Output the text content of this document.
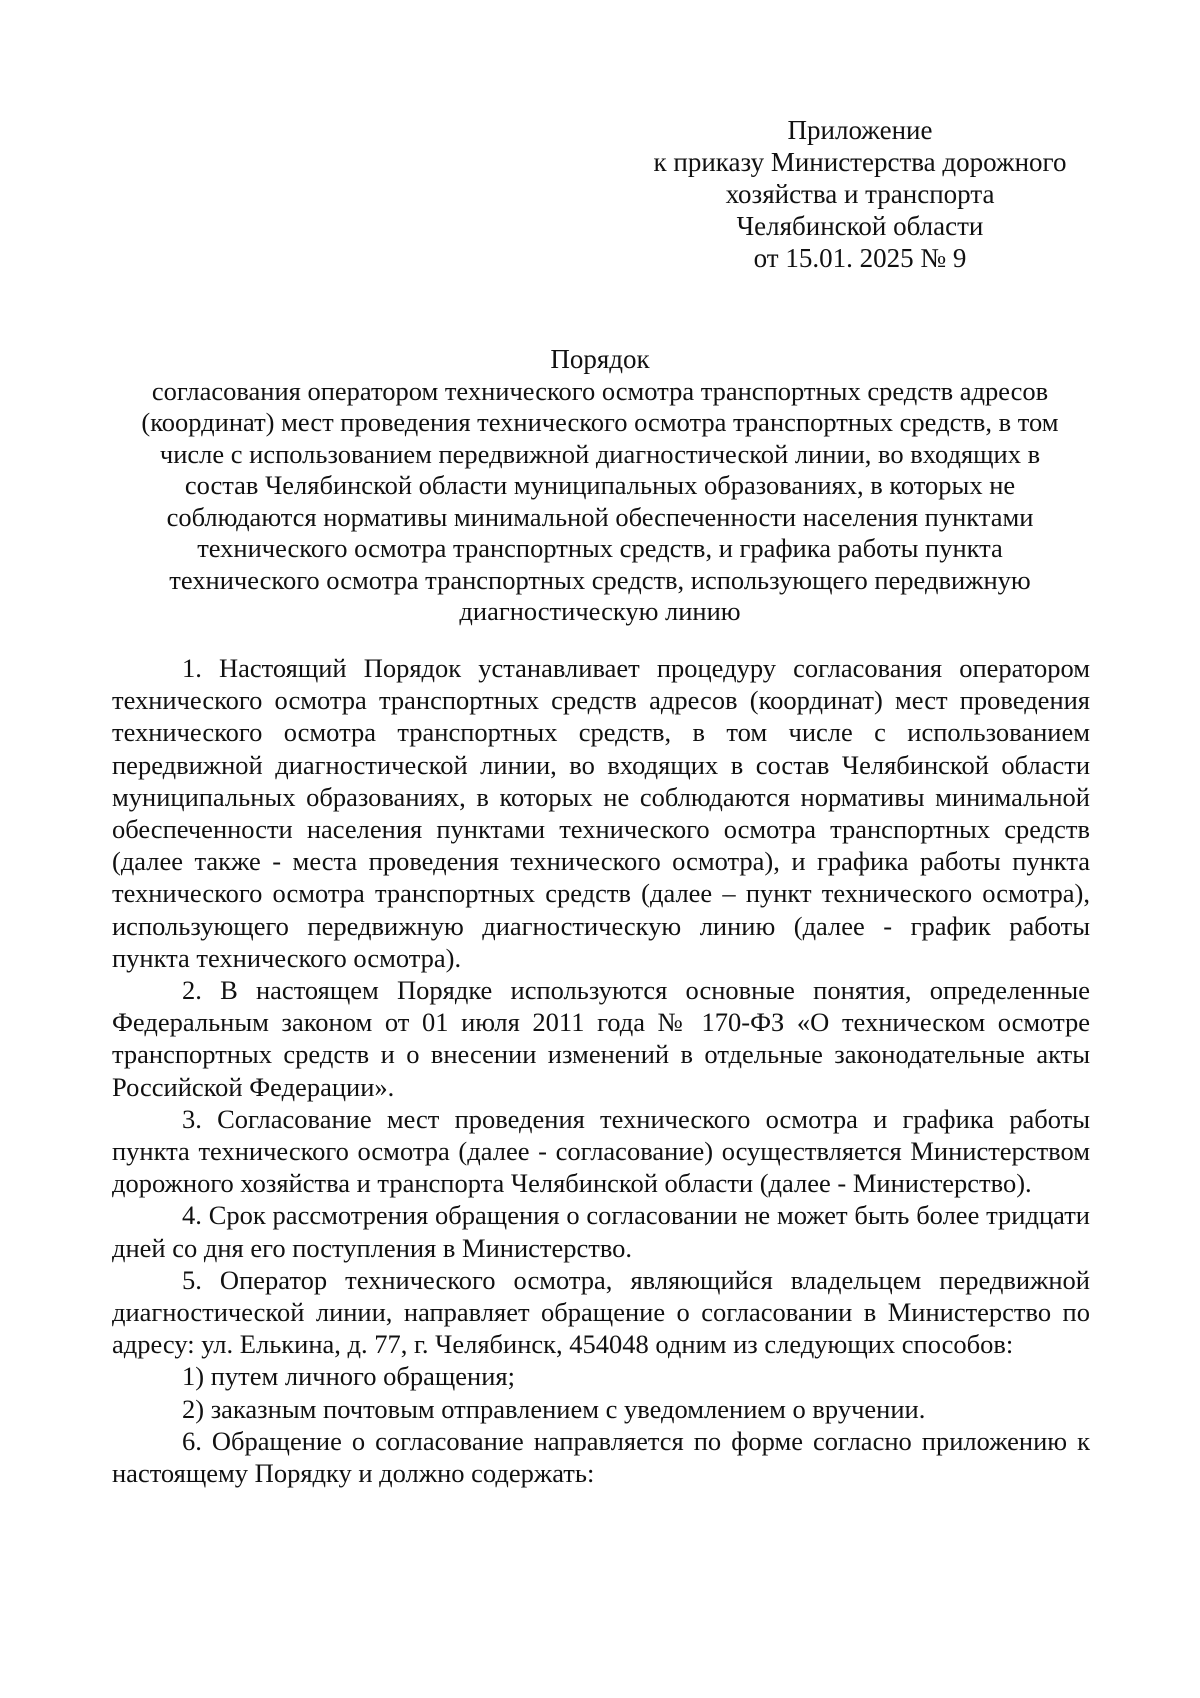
Приложение
к приказу Министерства дорожного
хозяйства и транспорта
Челябинской области
от 15.01. 2025 № 9
Порядок
согласования оператором технического осмотра транспортных средств адресов
(координат) мест проведения технического осмотра транспортных средств, в том
числе с использованием передвижной диагностической линии, во входящих в
состав Челябинской области муниципальных образованиях, в которых не
соблюдаются нормативы минимальной обеспеченности населения пунктами
технического осмотра транспортных средств, и графика работы пункта
технического осмотра транспортных средств, использующего передвижную
диагностическую линию

1. Настоящий Порядок устанавливает процедуру согласования оператором технического осмотра транспортных средств адресов (координат) мест проведения технического осмотра транспортных средств, в том числе с использованием передвижной диагностической линии, во входящих в состав Челябинской области муниципальных образованиях, в которых не соблюдаются нормативы минимальной обеспеченности населения пунктами технического осмотра транспортных средств (далее также - места проведения технического осмотра), и графика работы пункта технического осмотра транспортных средств (далее – пункт технического осмотра), использующего передвижную диагностическую линию (далее - график работы пункта технического осмотра).

2. В настоящем Порядке используются основные понятия, определенные Федеральным законом от 01 июля 2011 года № 170-ФЗ «О техническом осмотре транспортных средств и о внесении изменений в отдельные законодательные акты Российской Федерации».

3. Согласование мест проведения технического осмотра и графика работы пункта технического осмотра (далее - согласование) осуществляется Министерством дорожного хозяйства и транспорта Челябинской области (далее - Министерство).

4. Срок рассмотрения обращения о согласовании не может быть более тридцати дней со дня его поступления в Министерство.

5. Оператор технического осмотра, являющийся владельцем передвижной диагностической линии, направляет обращение о согласовании в Министерство по адресу: ул. Елькина, д. 77, г. Челябинск, 454048 одним из следующих способов:

1) путем личного обращения;

2) заказным почтовым отправлением с уведомлением о вручении.

6. Обращение о согласование направляется по форме согласно приложению к настоящему Порядку и должно содержать:
